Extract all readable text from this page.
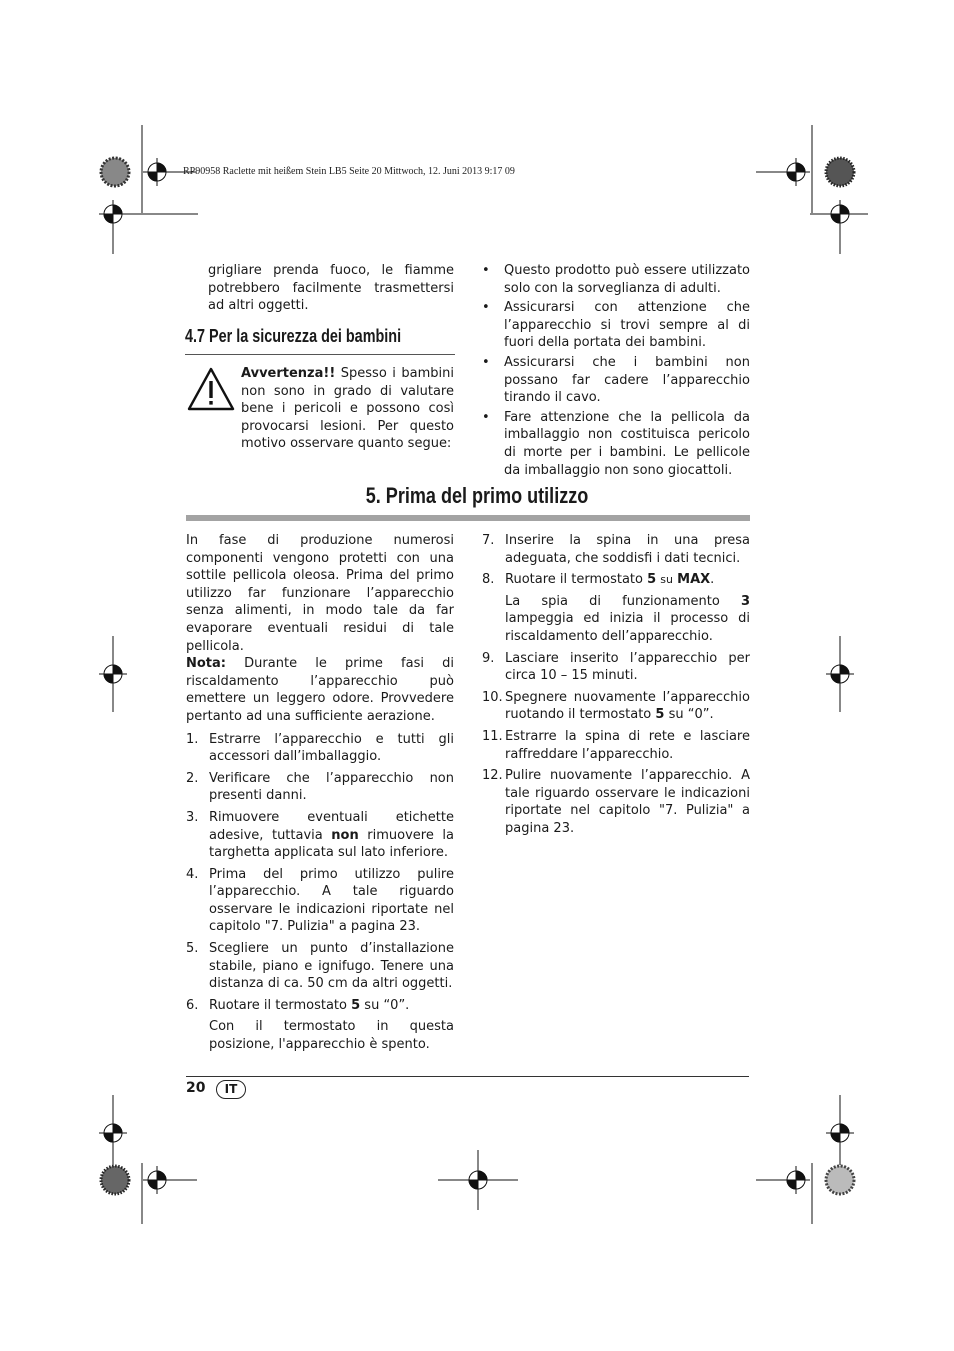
RP90958 Raclette mit heißem Stein LB5 Seite 20 Mittwoch, 12. Juni 2013 9:17 09

grigliare prenda fuoco, le fiamme potrebbero facilmente trasmettersi ad altri oggetti.

4.7 Per la sicurezza dei bambini

Avvertenza!! Spesso i bambini non sono in grado di valutare bene i pericoli e possono così provocarsi lesioni. Per questo motivo osservare quanto segue:

• Questo prodotto può essere utilizzato solo con la sorveglianza di adulti.
• Assicurarsi con attenzione che l’apparecchio si trovi sempre al di fuori della portata dei bambini.
• Assicurarsi che i bambini non possano far cadere l’apparecchio tirando il cavo.
• Fare attenzione che la pellicola da imballaggio non costituisca pericolo di morte per i bambini. Le pellicole da imballaggio non sono giocattoli.
5. Prima del primo utilizzo

In fase di produzione numerosi componenti vengono protetti con una sottile pellicola oleosa. Prima del primo utilizzo far funzionare l’apparecchio senza alimenti, in modo tale da far evaporare eventuali residui di tale pellicola.

Nota: Durante le prime fasi di riscaldamento l’apparecchio può emettere un leggero odore. Provvedere pertanto ad una sufficiente aerazione.

1. Estrarre l’apparecchio e tutti gli accessori dall’imballaggio.
2. Verificare che l’apparecchio non presenti danni.
3. Rimuovere eventuali etichette adesive, tuttavia non rimuovere la targhetta applicata sul lato inferiore.
4. Prima del primo utilizzo pulire l’apparecchio. A tale riguardo osservare le indicazioni riportate nel capitolo "7. Pulizia" a pagina 23.
5. Scegliere un punto d’installazione stabile, piano e ignifugo. Tenere una distanza di ca. 50 cm da altri oggetti.
6. Ruotare il termostato 5 su “0”.

Con il termostato in questa posizione, l'apparecchio è spento.

7. Inserire la spina in una presa adeguata, che soddisfi i dati tecnici.
8. Ruotare il termostato 5 su MAX.

La spia di funzionamento 3 lampeggia ed inizia il processo di riscaldamento dell’apparecchio.

9. Lasciare inserito l’apparecchio per circa 10 – 15 minuti.
10. Spegnere nuovamente l’apparecchio ruotando il termostato 5 su “0”.
11. Estrarre la spina di rete e lasciare raffreddare l’apparecchio.
12. Pulire nuovamente l’apparecchio. A tale riguardo osservare le indicazioni riportate nel capitolo "7. Pulizia" a pagina 23.
20	IT
